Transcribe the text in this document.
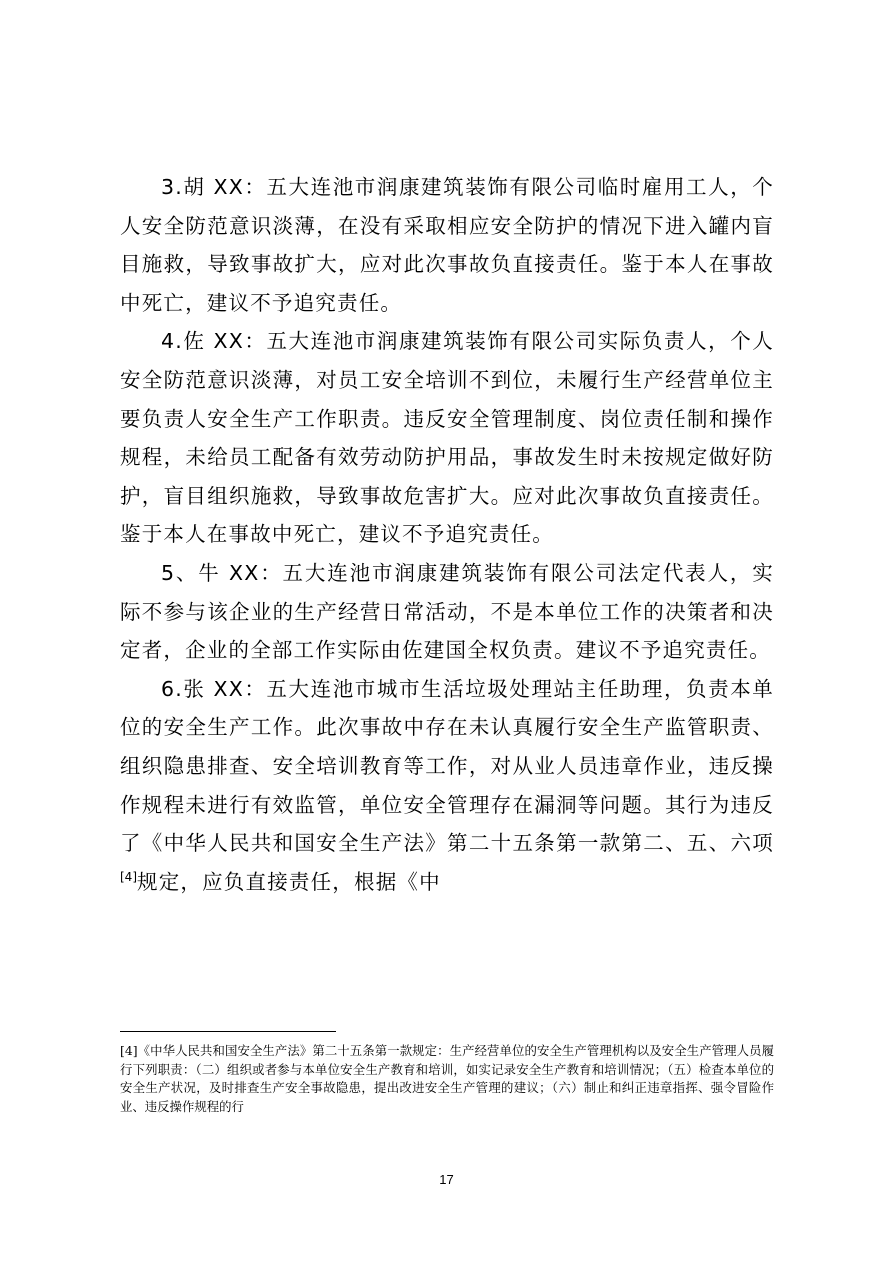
3.胡 XX：五大连池市润康建筑装饰有限公司临时雇用工人，个人安全防范意识淡薄，在没有采取相应安全防护的情况下进入罐内盲目施救，导致事故扩大，应对此次事故负直接责任。鉴于本人在事故中死亡，建议不予追究责任。

4.佐 XX：五大连池市润康建筑装饰有限公司实际负责人，个人安全防范意识淡薄，对员工安全培训不到位，未履行生产经营单位主要负责人安全生产工作职责。违反安全管理制度、岗位责任制和操作规程，未给员工配备有效劳动防护用品，事故发生时未按规定做好防护，盲目组织施救，导致事故危害扩大。应对此次事故负直接责任。鉴于本人在事故中死亡，建议不予追究责任。

5、牛 XX：五大连池市润康建筑装饰有限公司法定代表人，实际不参与该企业的生产经营日常活动，不是本单位工作的决策者和决定者，企业的全部工作实际由佐建国全权负责。建议不予追究责任。

6.张 XX：五大连池市城市生活垃圾处理站主任助理，负责本单位的安全生产工作。此次事故中存在未认真履行安全生产监管职责、组织隐患排查、安全培训教育等工作，对从业人员违章作业，违反操作规程未进行有效监管，单位安全管理存在漏洞等问题。其行为违反了《中华人民共和国安全生产法》第二十五条第一款第二、五、六项[4]规定，应负直接责任，根据《中

[4]《中华人民共和国安全生产法》第二十五条第一款规定：生产经营单位的安全生产管理机构以及安全生产管理人员履行下列职责：（二）组织或者参与本单位安全生产教育和培训，如实记录安全生产教育和培训情况；（五）检查本单位的安全生产状况，及时排查生产安全事故隐患，提出改进安全生产管理的建议；（六）制止和纠正违章指挥、强令冒险作业、违反操作规程的行

17
